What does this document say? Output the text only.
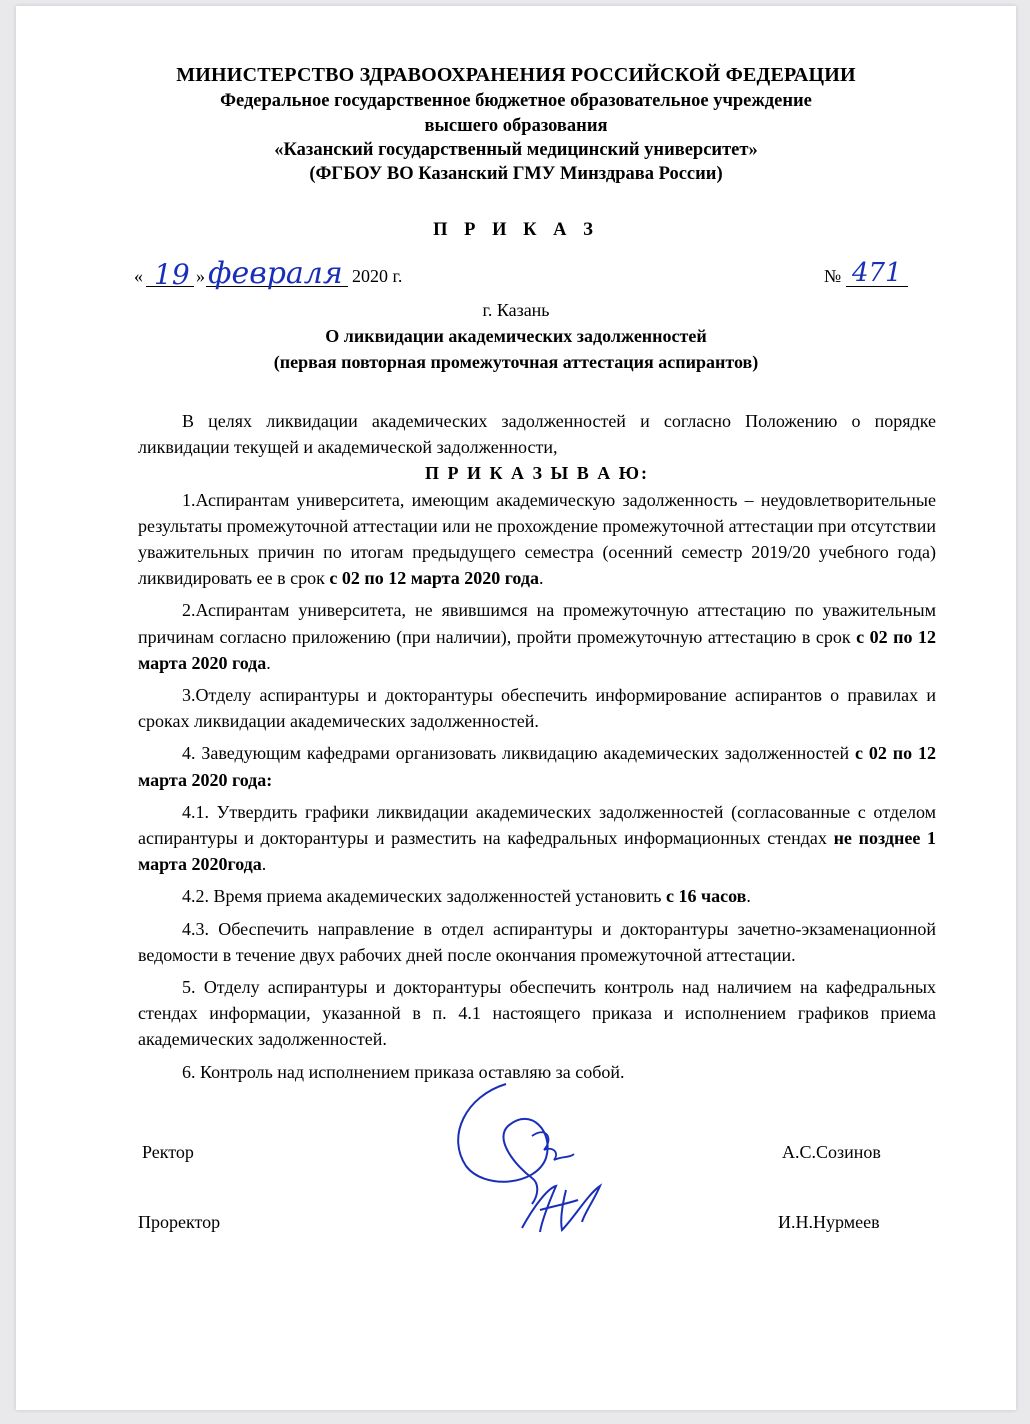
МИНИСТЕРСТВО ЗДРАВООХРАНЕНИЯ РОССИЙСКОЙ ФЕДЕРАЦИИ
Федеральное государственное бюджетное образовательное учреждение
высшего образования
«Казанский государственный медицинский университет»
(ФГБОУ ВО Казанский ГМУ Минздрава России)
П Р И К А З
« 19 » февраля 2020 г.	№ 471
г. Казань
О ликвидации академических задолженностей
(первая повторная промежуточная аттестация аспирантов)

В целях ликвидации академических задолженностей и согласно Положению о порядке ликвидации текущей и академической задолженности,

П Р И К А З Ы В А Ю:

1.Аспирантам университета, имеющим академическую задолженность – неудовлетворительные результаты промежуточной аттестации или не прохождение промежуточной аттестации при отсутствии уважительных причин по итогам предыдущего семестра (осенний семестр 2019/20 учебного года) ликвидировать ее в срок с 02 по 12 марта 2020 года.

2.Аспирантам университета, не явившимся на промежуточную аттестацию по уважительным причинам согласно приложению (при наличии), пройти промежуточную аттестацию в срок с 02 по 12 марта 2020 года.

3.Отделу аспирантуры и докторантуры обеспечить информирование аспирантов о правилах и сроках ликвидации академических задолженностей.

4. Заведующим кафедрами организовать ликвидацию академических задолженностей с 02 по 12 марта 2020 года:

4.1. Утвердить графики ликвидации академических задолженностей (согласованные с отделом аспирантуры и докторантуры и разместить на кафедральных информационных стендах не позднее 1 марта 2020года.

4.2. Время приема академических задолженностей установить с 16 часов.

4.3. Обеспечить направление в отдел аспирантуры и докторантуры зачетно-экзаменационной ведомости в течение двух рабочих дней после окончания промежуточной аттестации.

5. Отделу аспирантуры и докторантуры обеспечить контроль над наличием на кафедральных стендах информации, указанной в п. 4.1 настоящего приказа и исполнением графиков приема академических задолженностей.

6. Контроль над исполнением приказа оставляю за собой.

Ректор	А.С.Созинов
Проректор	И.Н.Нурмеев
